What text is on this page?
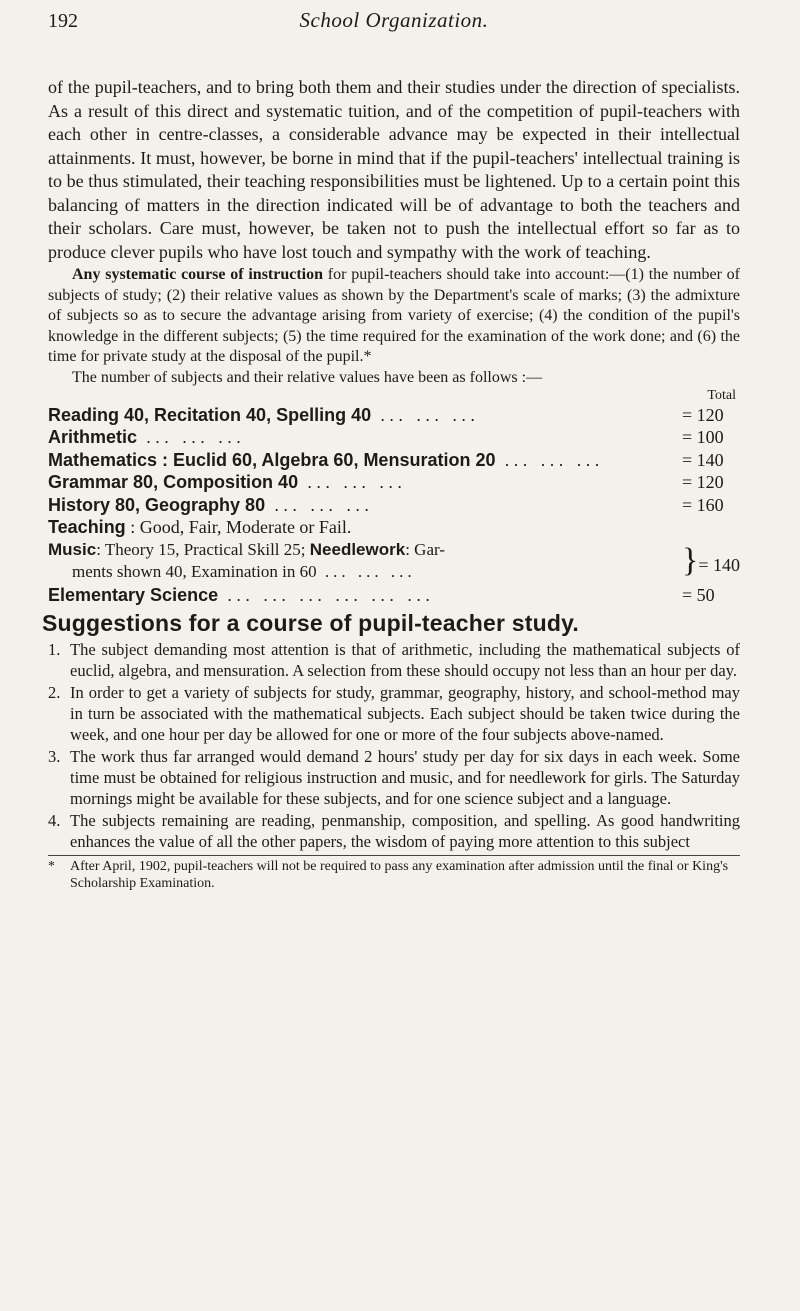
192	School Organization.

of the pupil-teachers, and to bring both them and their studies under the direction of specialists. As a result of this direct and systematic tuition, and of the competition of pupil-teachers with each other in centre-classes, a considerable advance may be expected in their intellectual attainments. It must, however, be borne in mind that if the pupil-teachers' intellectual training is to be thus stimulated, their teaching responsibilities must be lightened. Up to a certain point this balancing of matters in the direction indicated will be of advantage to both the teachers and their scholars. Care must, however, be taken not to push the intellectual effort so far as to produce clever pupils who have lost touch and sympathy with the work of teaching.

Any systematic course of instruction for pupil-teachers should take into account:—(1) the number of subjects of study; (2) their relative values as shown by the Department's scale of marks; (3) the admixture of subjects so as to secure the advantage arising from variety of exercise; (4) the condition of the pupil's knowledge in the different subjects; (5) the time required for the examination of the work done; and (6) the time for private study at the disposal of the pupil.*

The number of subjects and their relative values have been as follows :—

Total

Reading 40, Recitation 40, Spelling 40 ... ... ...	= 120
Arithmetic ... ... ...	= 100
Mathematics : Euclid 60, Algebra 60, Mensuration 20 ... ... ...	= 140
Grammar 80, Composition 40 ... ... ...	= 120
History 80, Geography 80 ... ... ...	= 160
Teaching : Good, Fair, Moderate or Fail.	

Music: Theory 15, Practical Skill 25; Needlework: Gar-
ments shown 40, Examination in 60 ... ... ...	}= 140
Elementary Science ... ... ... ... ... ...	= 50
Suggestions for a course of pupil-teacher study.
1. The subject demanding most attention is that of arithmetic, including the mathematical subjects of euclid, algebra, and mensuration. A selection from these should occupy not less than an hour per day.
2. In order to get a variety of subjects for study, grammar, geography, history, and school-method may in turn be associated with the mathematical subjects. Each subject should be taken twice during the week, and one hour per day be allowed for one or more of the four subjects above-named.
3. The work thus far arranged would demand 2 hours' study per day for six days in each week. Some time must be obtained for religious instruction and music, and for needlework for girls. The Saturday mornings might be available for these subjects, and for one science subject and a language.
4. The subjects remaining are reading, penmanship, composition, and spelling. As good handwriting enhances the value of all the other papers, the wisdom of paying more attention to this subject
* After April, 1902, pupil-teachers will not be required to pass any examination after admission until the final or King's Scholarship Examination.
